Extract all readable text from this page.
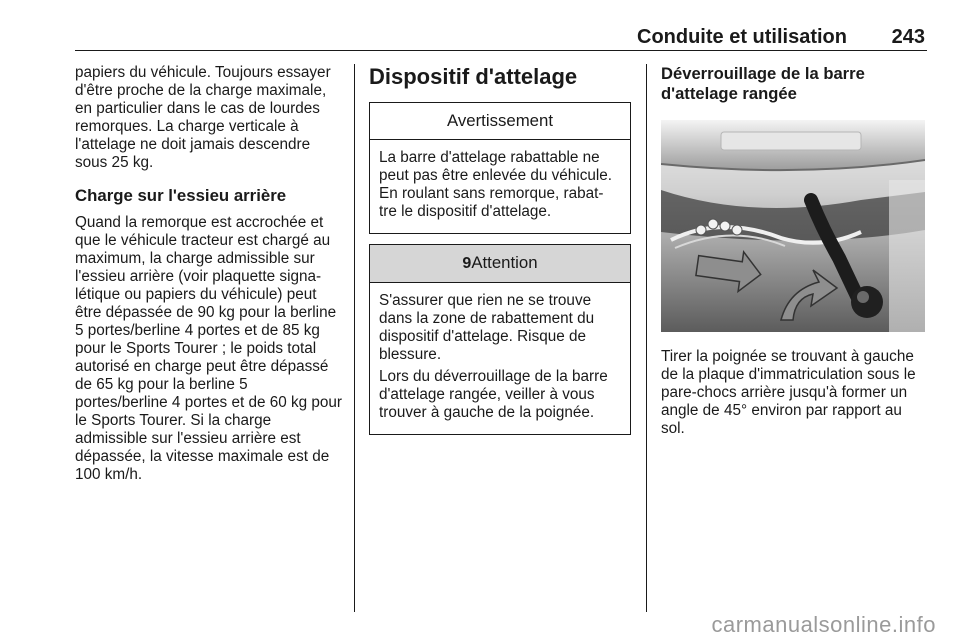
Conduite et utilisation 243

papiers du véhicule. Toujours essayer d'être proche de la charge maximale, en particulier dans le cas de lourdes remorques. La charge verticale à l'attelage ne doit jamais descendre sous 25 kg.

Charge sur l'essieu arrière

Quand la remorque est accrochée et que le véhicule tracteur est chargé au maximum, la charge admissible sur l'essieu arrière (voir plaquette signa-létique ou papiers du véhicule) peut être dépassée de 90 kg pour la berline 5 portes/berline 4 portes et de 85 kg pour le Sports Tourer ; le poids total autorisé en charge peut être dépassé de 65 kg pour la berline 5 portes/berline 4 portes et de 60 kg pour le Sports Tourer. Si la charge admissible sur l'essieu arrière est dépassée, la vitesse maximale est de 100 km/h.

Dispositif d'attelage
Avertissement

La barre d'attelage rabattable ne peut pas être enlevée du véhicule. En roulant sans remorque, rabat-tre le dispositif d'attelage.

9Attention

S'assurer que rien ne se trouve dans la zone de rabattement du dispositif d'attelage. Risque de blessure.

Lors du déverrouillage de la barre d'attelage rangée, veiller à vous trouver à gauche de la poignée.

Déverrouillage de la barre d'attelage rangée

Tirer la poignée se trouvant à gauche de la plaque d'immatriculation sous le pare-chocs arrière jusqu'à former un angle de 45° environ par rapport au sol.

carmanualsonline.info
